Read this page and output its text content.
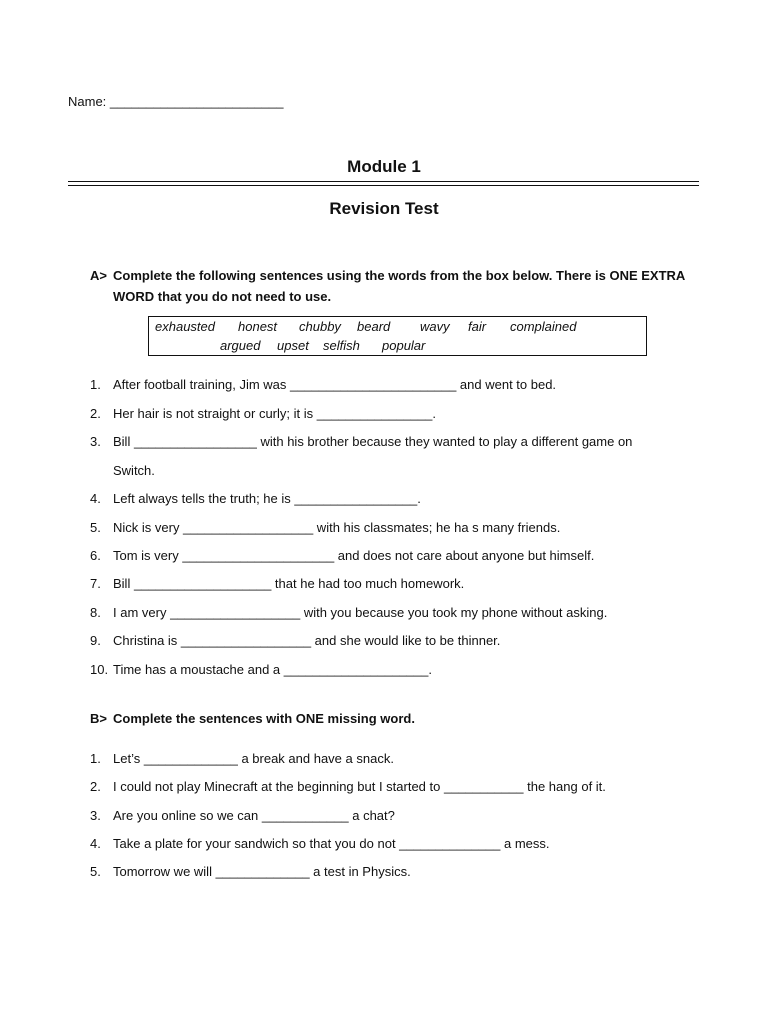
Name: ________________________
Module 1
Revision Test
A> Complete the following sentences using the words from the box below. There is ONE EXTRA
WORD that you do not need to use.
exhausted honest chubby beard wavy fair complained
argued upset selfish popular
1. After football training, Jim was _______________________ and went to bed.
2. Her hair is not straight or curly; it is ________________.
3. Bill _________________ with his brother because they wanted to play a different game on
Switch.
4. Left always tells the truth; he is _________________.
5. Nick is very __________________ with his classmates; he ha s many friends.
6. Tom is very _____________________ and does not care about anyone but himself.
7. Bill ___________________ that he had too much homework.
8. I am very __________________ with you because you took my phone without asking.
9. Christina is __________________ and she would like to be thinner.
10. Time has a moustache and a ____________________.
B> Complete the sentences with ONE missing word.
1. Let’s _____________ a break and have a snack.
2. I could not play Minecraft at the beginning but I started to ___________ the hang of it.
3. Are you online so we can ____________ a chat?
4. Take a plate for your sandwich so that you do not ______________ a mess.
5. Tomorrow we will _____________ a test in Physics.
